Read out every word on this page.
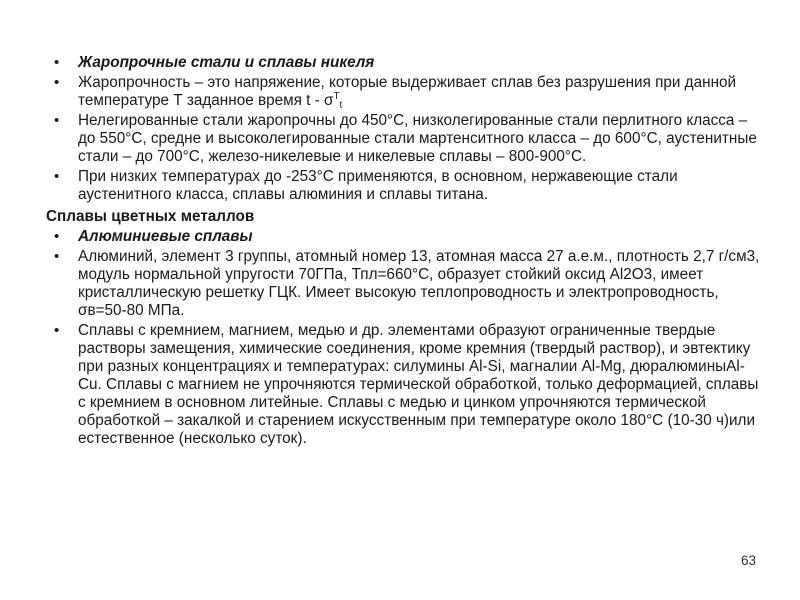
•	Жаропрочные стали и сплавы никеля
•	Жаропрочность – это напряжение, которые выдерживает сплав без разрушения при данной температуре Т заданное время t - $\sigma^Tt$
•	Нелегированные стали жаропрочны до 450°С, низколегированные стали перлитного класса – до 550°С, средне и высоколегированные стали мартенситного класса – до 600°С, аустенитные стали – до 700°С, железо-никелевые и никелевые сплавы – 800-900°С.
•	При низких температурах до -253°С применяются, в основном, нержавеющие стали аустенитного класса, сплавы алюминия и сплавы титана.
Сплавы цветных металлов
•	Алюминиевые сплавы
•	Алюминий, элемент 3 группы, атомный номер 13, атомная масса 27 а.е.м., плотность 2,7 г/см3, модуль нормальной упругости 70ГПа, Тпл=660°С, образует стойкий оксид Al2O3, имеет кристаллическую решетку ГЦК. Имеет высокую теплопроводность и электропроводность, σв=50-80 МПа.
•	Сплавы с кремнием, магнием, медью и др. элементами образуют ограниченные твердые растворы замещения, химические соединения, кроме кремния (твердый раствор), и эвтектику при разных концентрациях и температурах: силумины Al-Si, магналии Al-Mg, дюралюминыAl-Cu. Сплавы с магнием не упрочняются термической обработкой, только деформацией, сплавы с кремнием в основном литейные. Сплавы с медью и цинком упрочняются термической обработкой – закалкой и старением искусственным при температуре около 180°С (10-30 ч)или естественное (несколько суток).
63
